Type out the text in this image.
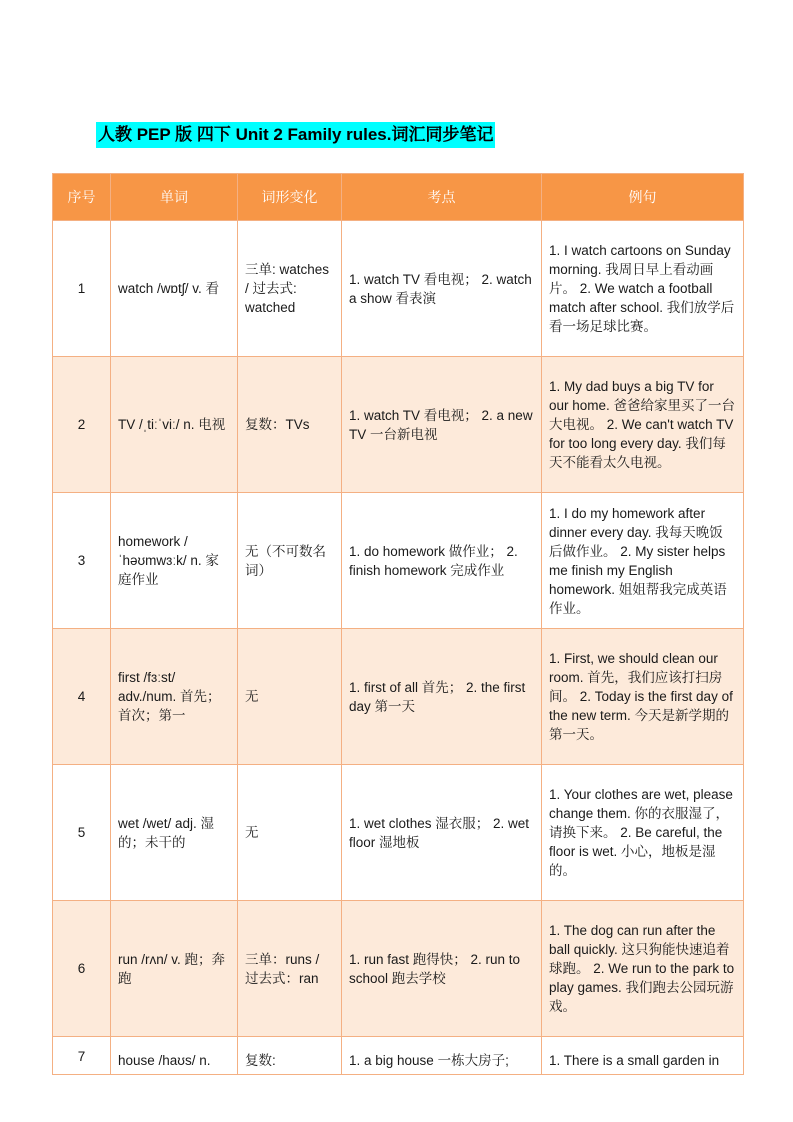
人教 PEP 版 四下 Unit 2 Family rules.词汇同步笔记
序号	单词	词形变化	考点	例句
1	watch /wɒtʃ/ v. 看	三单: watches / 过去式: watched	1. watch TV 看电视； 2. watch a show 看表演	1. I watch cartoons on Sunday morning. 我周日早上看动画片。 2. We watch a football match after school. 我们放学后看一场足球比赛。
2	TV /ˌtiːˈviː/ n. 电视	复数：TVs	1. watch TV 看电视； 2. a new TV 一台新电视	1. My dad buys a big TV for our home. 爸爸给家里买了一台大电视。 2. We can't watch TV for too long every day. 我们每天不能看太久电视。
3	homework /ˈhəʊmwɜːk/ n. 家庭作业	无（不可数名词）	1. do homework 做作业； 2. finish homework 完成作业	1. I do my homework after dinner every day. 我每天晚饭后做作业。 2. My sister helps me finish my English homework. 姐姐帮我完成英语作业。
4	first /fɜːst/ adv./num. 首先；首次；第一	无	1. first of all 首先； 2. the first day 第一天	1. First, we should clean our room. 首先，我们应该打扫房间。 2. Today is the first day of the new term. 今天是新学期的第一天。
5	wet /wet/ adj. 湿的；未干的	无	1. wet clothes 湿衣服； 2. wet floor 湿地板	1. Your clothes are wet, please change them. 你的衣服湿了，请换下来。 2. Be careful, the floor is wet. 小心，地板是湿的。
6	run /rʌn/ v. 跑；奔跑	三单：runs / 过去式：ran	1. run fast 跑得快； 2. run to school 跑去学校	1. The dog can run after the ball quickly. 这只狗能快速追着球跑。 2. We run to the park to play games. 我们跑去公园玩游戏。
7	house /haʊs/ n.	复数:	1. a big house 一栋大房子;	1. There is a small garden in
